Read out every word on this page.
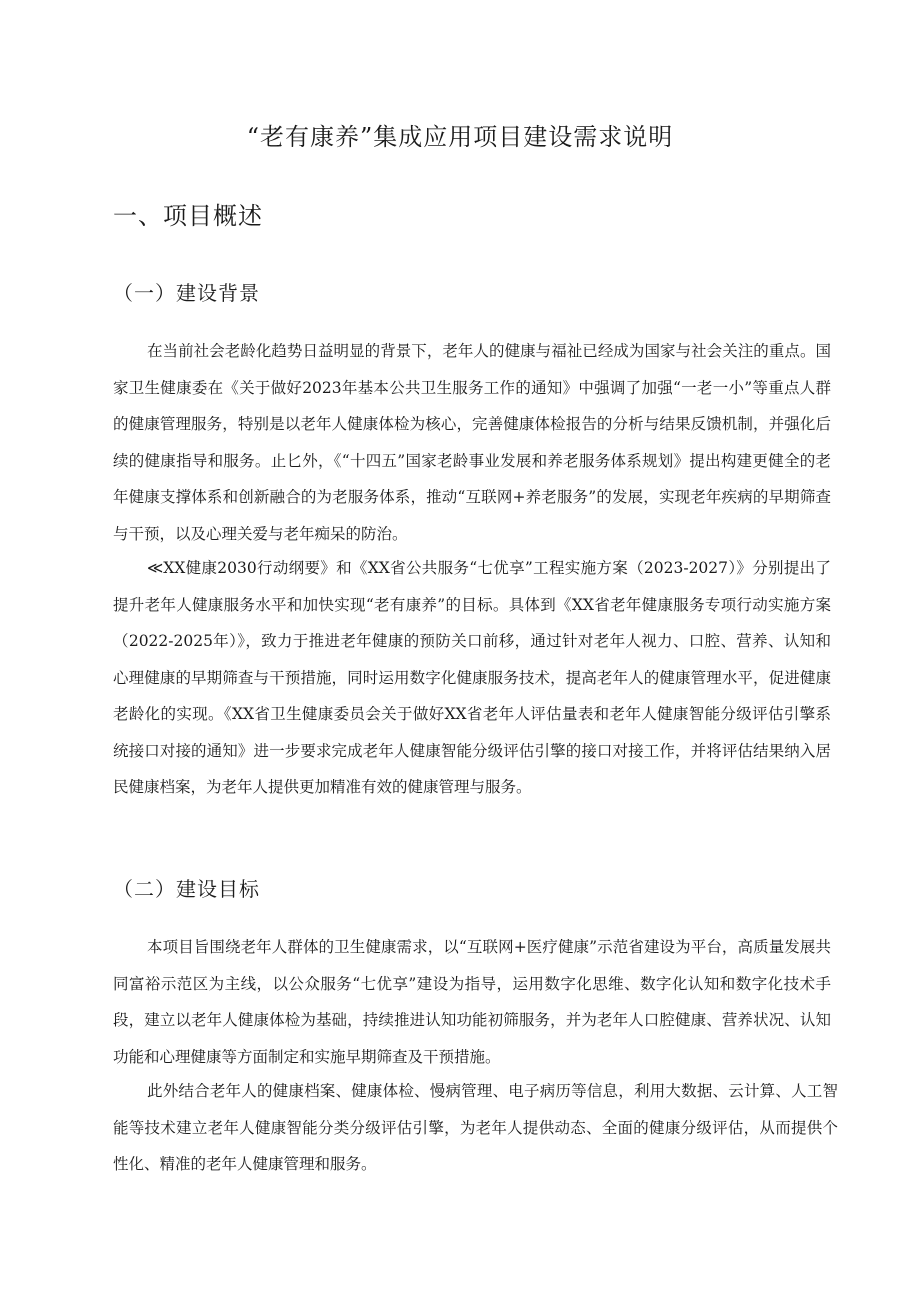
“老有康养”集成应用项目建设需求说明
一、项目概述
（一）建设背景

在当前社会老龄化趋势日益明显的背景下，老年人的健康与福祉已经成为国家与社会关注的重点。国家卫生健康委在《关于做好2023年基本公共卫生服务工作的通知》中强调了加强“一老一小”等重点人群的健康管理服务，特别是以老年人健康体检为核心，完善健康体检报告的分析与结果反馈机制，并强化后续的健康指导和服务。止匕外，《“十四五”国家老龄事业发展和养老服务体系规划》提出构建更健全的老年健康支撑体系和创新融合的为老服务体系，推动“互联网+养老服务”的发展，实现老年疾病的早期筛查与干预，以及心理关爱与老年痴呆的防治。

≪XX健康2030行动纲要》和《XX省公共服务“七优享”工程实施方案（2023-2027）》分别提出了提升老年人健康服务水平和加快实现“老有康养”的目标。具体到《XX省老年健康服务专项行动实施方案（2022-2025年）》，致力于推进老年健康的预防关口前移，通过针对老年人视力、口腔、营养、认知和心理健康的早期筛查与干预措施，同时运用数字化健康服务技术，提高老年人的健康管理水平，促进健康老龄化的实现。《XX省卫生健康委员会关于做好XX省老年人评估量表和老年人健康智能分级评估引擎系统接口对接的通知》进一步要求完成老年人健康智能分级评估引擎的接口对接工作，并将评估结果纳入居民健康档案，为老年人提供更加精准有效的健康管理与服务。

（二）建设目标

本项目旨围绕老年人群体的卫生健康需求，以“互联网+医疗健康”示范省建设为平台，高质量发展共同富裕示范区为主线，以公众服务“七优享”建设为指导，运用数字化思维、数字化认知和数字化技术手段，建立以老年人健康体检为基础，持续推进认知功能初筛服务，并为老年人口腔健康、营养状况、认知功能和心理健康等方面制定和实施早期筛查及干预措施。

此外结合老年人的健康档案、健康体检、慢病管理、电子病历等信息，利用大数据、云计算、人工智能等技术建立老年人健康智能分类分级评估引擎，为老年人提供动态、全面的健康分级评估，从而提供个性化、精准的老年人健康管理和服务。
